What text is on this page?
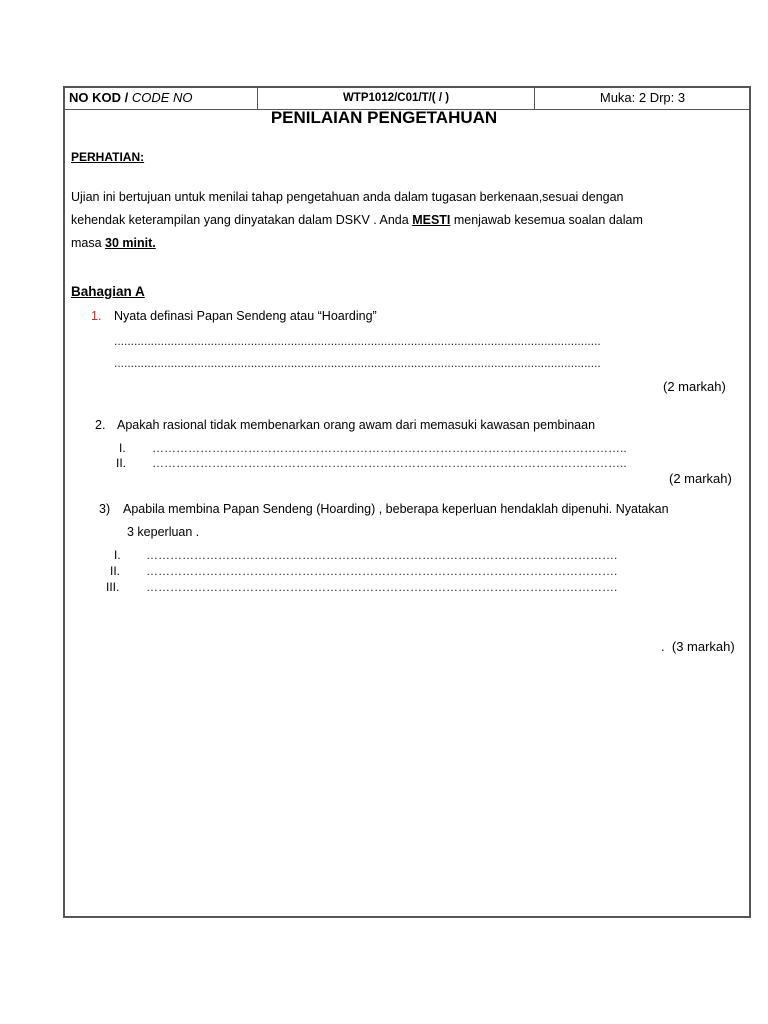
NO KOD / CODE NO	WTP1012/C01/T/( / )	Muka: 2 Drp: 3
PENILAIAN PENGETAHUAN
PERHATIAN:
Ujian ini bertujuan untuk menilai tahap pengetahuan anda dalam tugasan berkenaan,sesuai dengan
kehendak keterampilan yang dinyatakan dalam DSKV . Anda MESTI menjawab kesemua soalan dalam
masa 30 minit.
Bahagian A
1. Nyata definasi Papan Sendeng atau “Hoarding”
..................................................................................................................................................
..................................................................................................................................................
(2 markah)
2. Apakah rasional tidak membenarkan orang awam dari memasuki kawasan pembinaan
I. ………………………………………………………………………………………………………..
II. ………………………………………………………………………………………………………..
(2 markah)
3) Apabila membina Papan Sendeng (Hoarding) , beberapa keperluan hendaklah dipenuhi. Nyatakan
3 keperluan .
I. ……………………………………………………………………………………………………….
II. ……………………………………………………………………………………………………….
III. ……………………………………………………………………………………………………….
. (3 markah)
